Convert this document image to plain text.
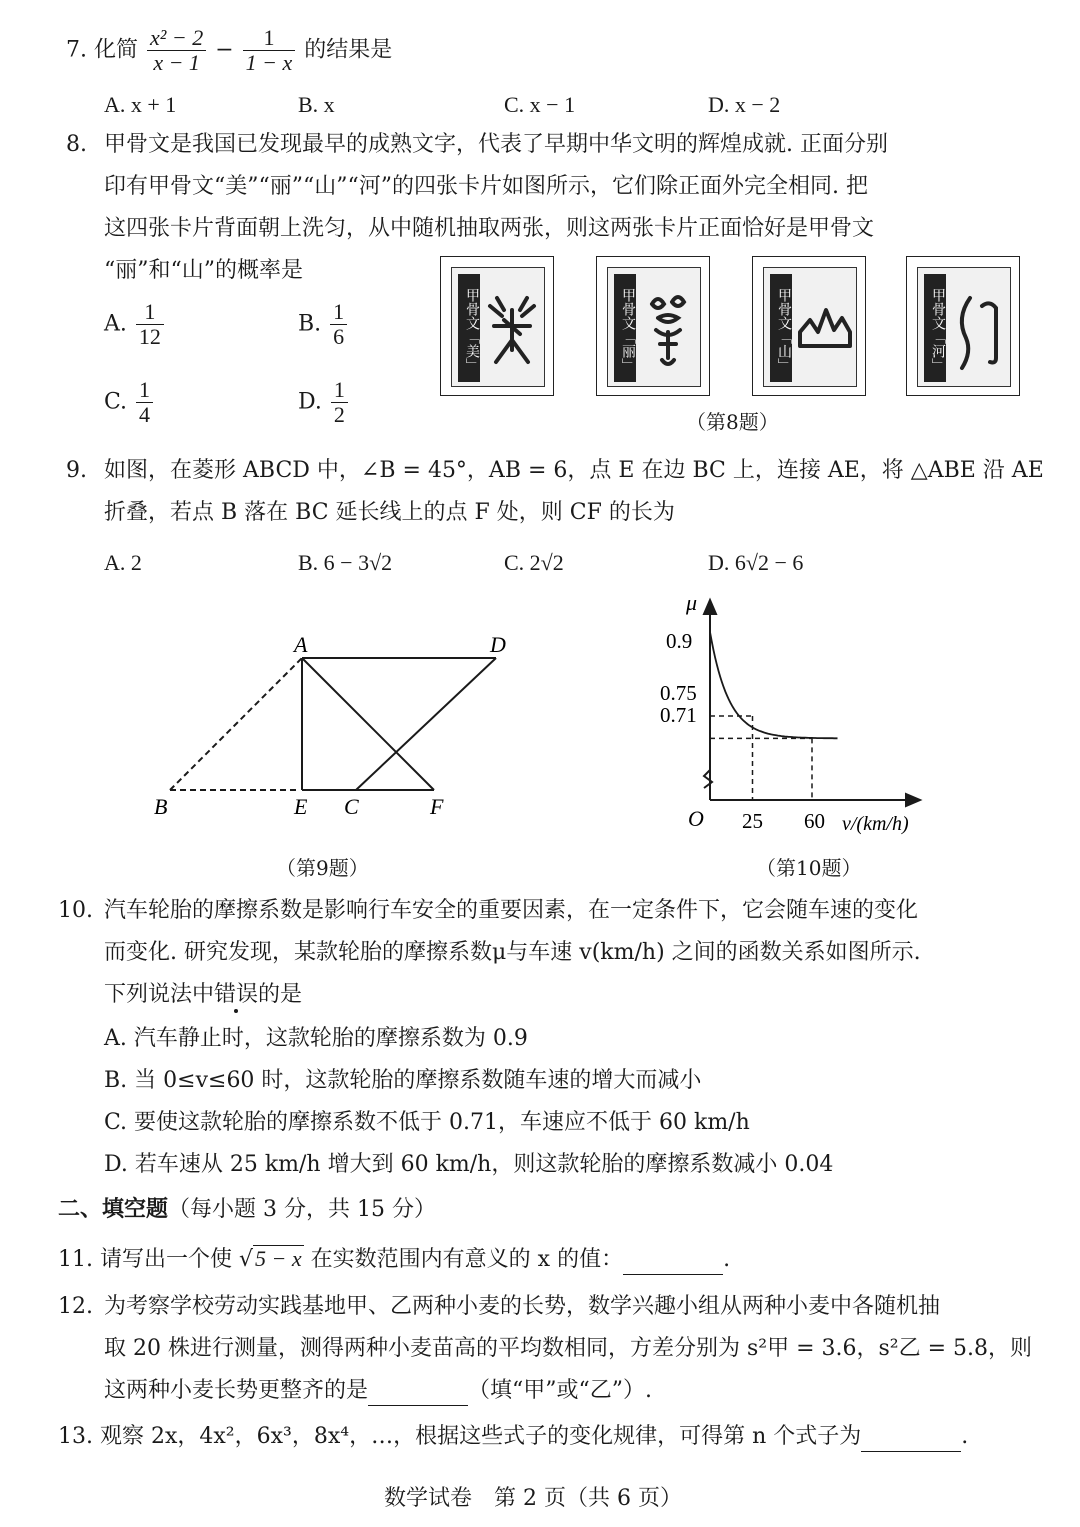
7. 化简 $\frac{\text{x² − 2}}{x - 1} - \frac{1}{1 - x}$ 的结果是
A. x + 1	B. x	C. x − 1	D. x − 2
8. 甲骨文是我国已发现最早的成熟文字，代表了早期中华文明的辉煌成就. 正面分别
印有甲骨文“美”“丽”“山”“河”的四张卡片如图所示，它们除正面外完全相同. 把
这四张卡片背面朝上洗匀，从中随机抽取两张，则这两张卡片正面恰好是甲骨文
“丽”和“山”的概率是
A. $\frac{1}{12}$	B. $\frac{1}{6}$
C. $\frac{1}{4}$	D. $\frac{1}{2}$
甲骨文「美」	甲骨文「丽」	甲骨文「山」	甲骨文「河」
（第8题）
9. 如图，在菱形 ABCD 中，∠B = 45°，AB = 6，点 E 在边 BC 上，连接 AE，将 △ABE 沿 AE
折叠，若点 B 落在 BC 延长线上的点 F 处，则 CF 的长为
A. 2	B. 6 − 3√2	C. 2√2	D. 6√2 − 6
A	D
B	E C	F
（第9题）
μ
O	v/(km/h)
0.9
0.75
0.71
25 60
（第10题）
10. 汽车轮胎的摩擦系数是影响行车安全的重要因素，在一定条件下，它会随车速的变化
而变化. 研究发现，某款轮胎的摩擦系数μ与车速 v(km/h) 之间的函数关系如图所示.
下列说法中错误的是
A. 汽车静止时，这款轮胎的摩擦系数为 0.9
B. 当 0≤v≤60 时，这款轮胎的摩擦系数随车速的增大而减小
C. 要使这款轮胎的摩擦系数不低于 0.71，车速应不低于 60 km/h
D. 若车速从 25 km/h 增大到 60 km/h，则这款轮胎的摩擦系数减小 0.04
二、填空题（每小题 3 分，共 15 分）
11. 请写出一个使 √5 − x 在实数范围内有意义的 x 的值：	.
12. 为考察学校劳动实践基地甲、乙两种小麦的长势，数学兴趣小组从两种小麦中各随机抽
取 20 株进行测量，测得两种小麦苗高的平均数相同，方差分别为 s²甲 = 3.6，s²乙 = 5.8，则
这两种小麦长势更整齐的是	（填“甲”或“乙”）.
13. 观察 2x，4x²，6x³，8x⁴，…，根据这些式子的变化规律，可得第 n 个式子为	.
数学试卷　第 2 页（共 6 页）
